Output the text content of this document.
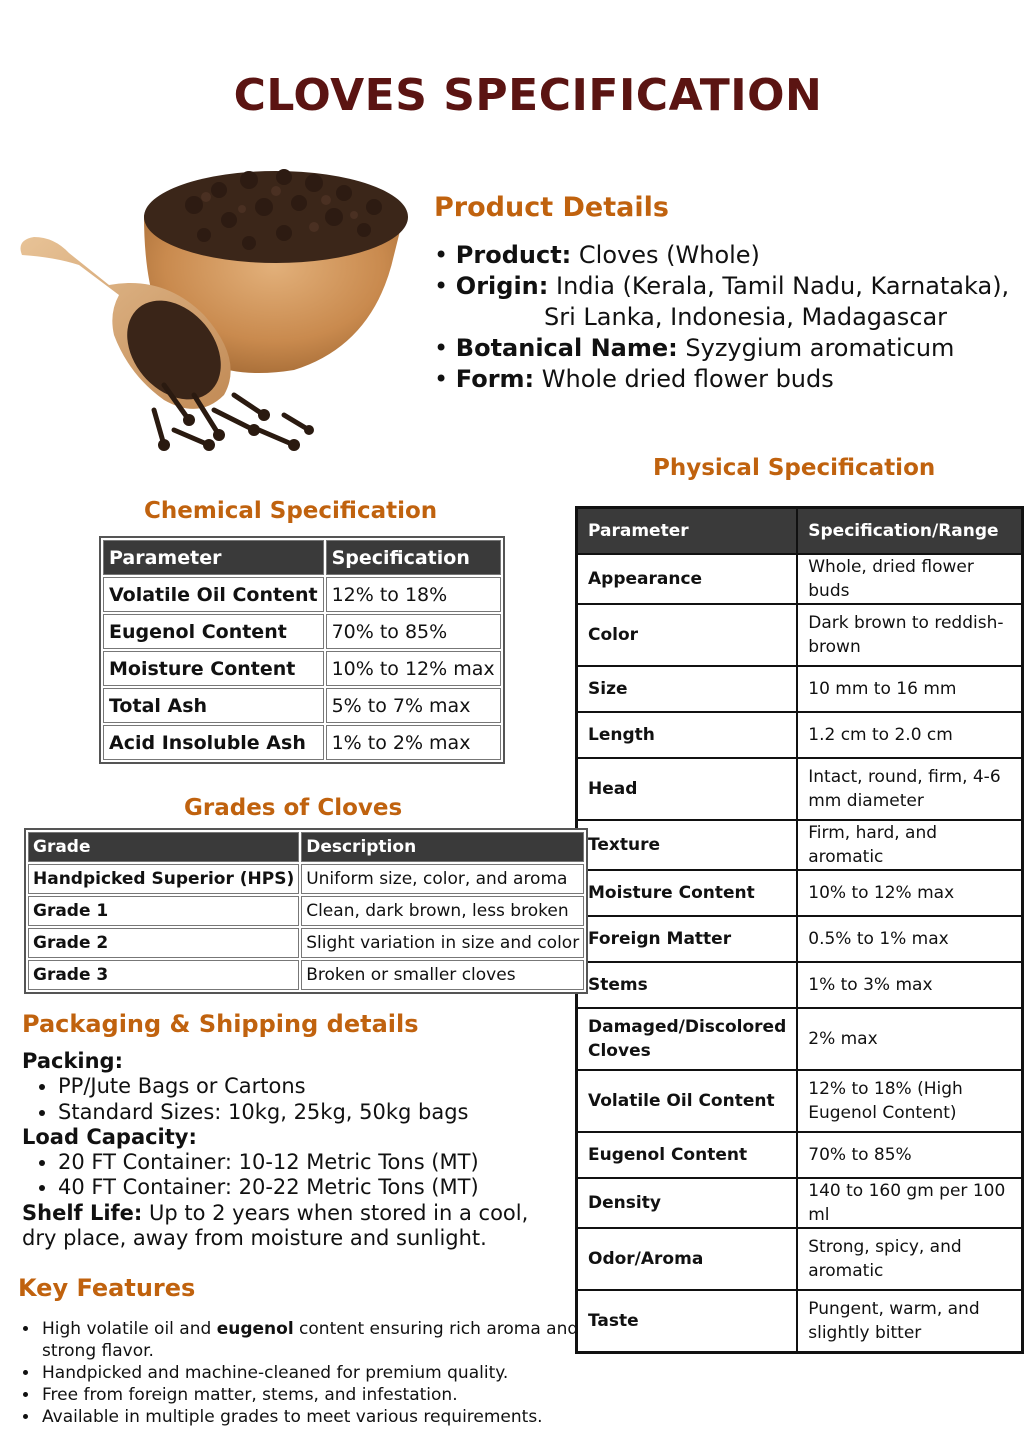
CLOVES SPECIFICATION
Product Details
• Product: Cloves (Whole)
• Origin: India (Kerala, Tamil Nadu, Karnataka),
Sri Lanka, Indonesia, Madagascar
• Botanical Name: Syzygium aromaticum
• Form: Whole dried flower buds
Physical Specification
Parameter	Specification/Range
Appearance	Whole, dried flower buds
Color	Dark brown to reddish-brown
Size	10 mm to 16 mm
Length	1.2 cm to 2.0 cm
Head	Intact, round, firm, 4-6 mm diameter
Texture	Firm, hard, and aromatic
Moisture Content	10% to 12% max
Foreign Matter	0.5% to 1% max
Stems	1% to 3% max
Damaged/Discolored Cloves	2% max
Volatile Oil Content	12% to 18% (High Eugenol Content)
Eugenol Content	70% to 85%
Density	140 to 160 gm per 100 ml
Odor/Aroma	Strong, spicy, and aromatic
Taste	Pungent, warm, and slightly bitter
Chemical Specification
Parameter	Specification
Volatile Oil Content	12% to 18%
Eugenol Content	70% to 85%
Moisture Content	10% to 12% max
Total Ash	5% to 7% max
Acid Insoluble Ash	1% to 2% max
Grades of Cloves
Grade	Description
Handpicked Superior (HPS)	Uniform size, color, and aroma
Grade 1	Clean, dark brown, less broken
Grade 2	Slight variation in size and color
Grade 3	Broken or smaller cloves
Packaging & Shipping details
Packing:
• PP/Jute Bags or Cartons
• Standard Sizes: 10kg, 25kg, 50kg bags
Load Capacity:
• 20 FT Container: 10-12 Metric Tons (MT)
• 40 FT Container: 20-22 Metric Tons (MT)
Shelf Life: Up to 2 years when stored in a cool, dry place, away from moisture and sunlight.
Key Features
• High volatile oil and eugenol content ensuring rich aroma and strong flavor.
• Handpicked and machine-cleaned for premium quality.
• Free from foreign matter, stems, and infestation.
• Available in multiple grades to meet various requirements.
